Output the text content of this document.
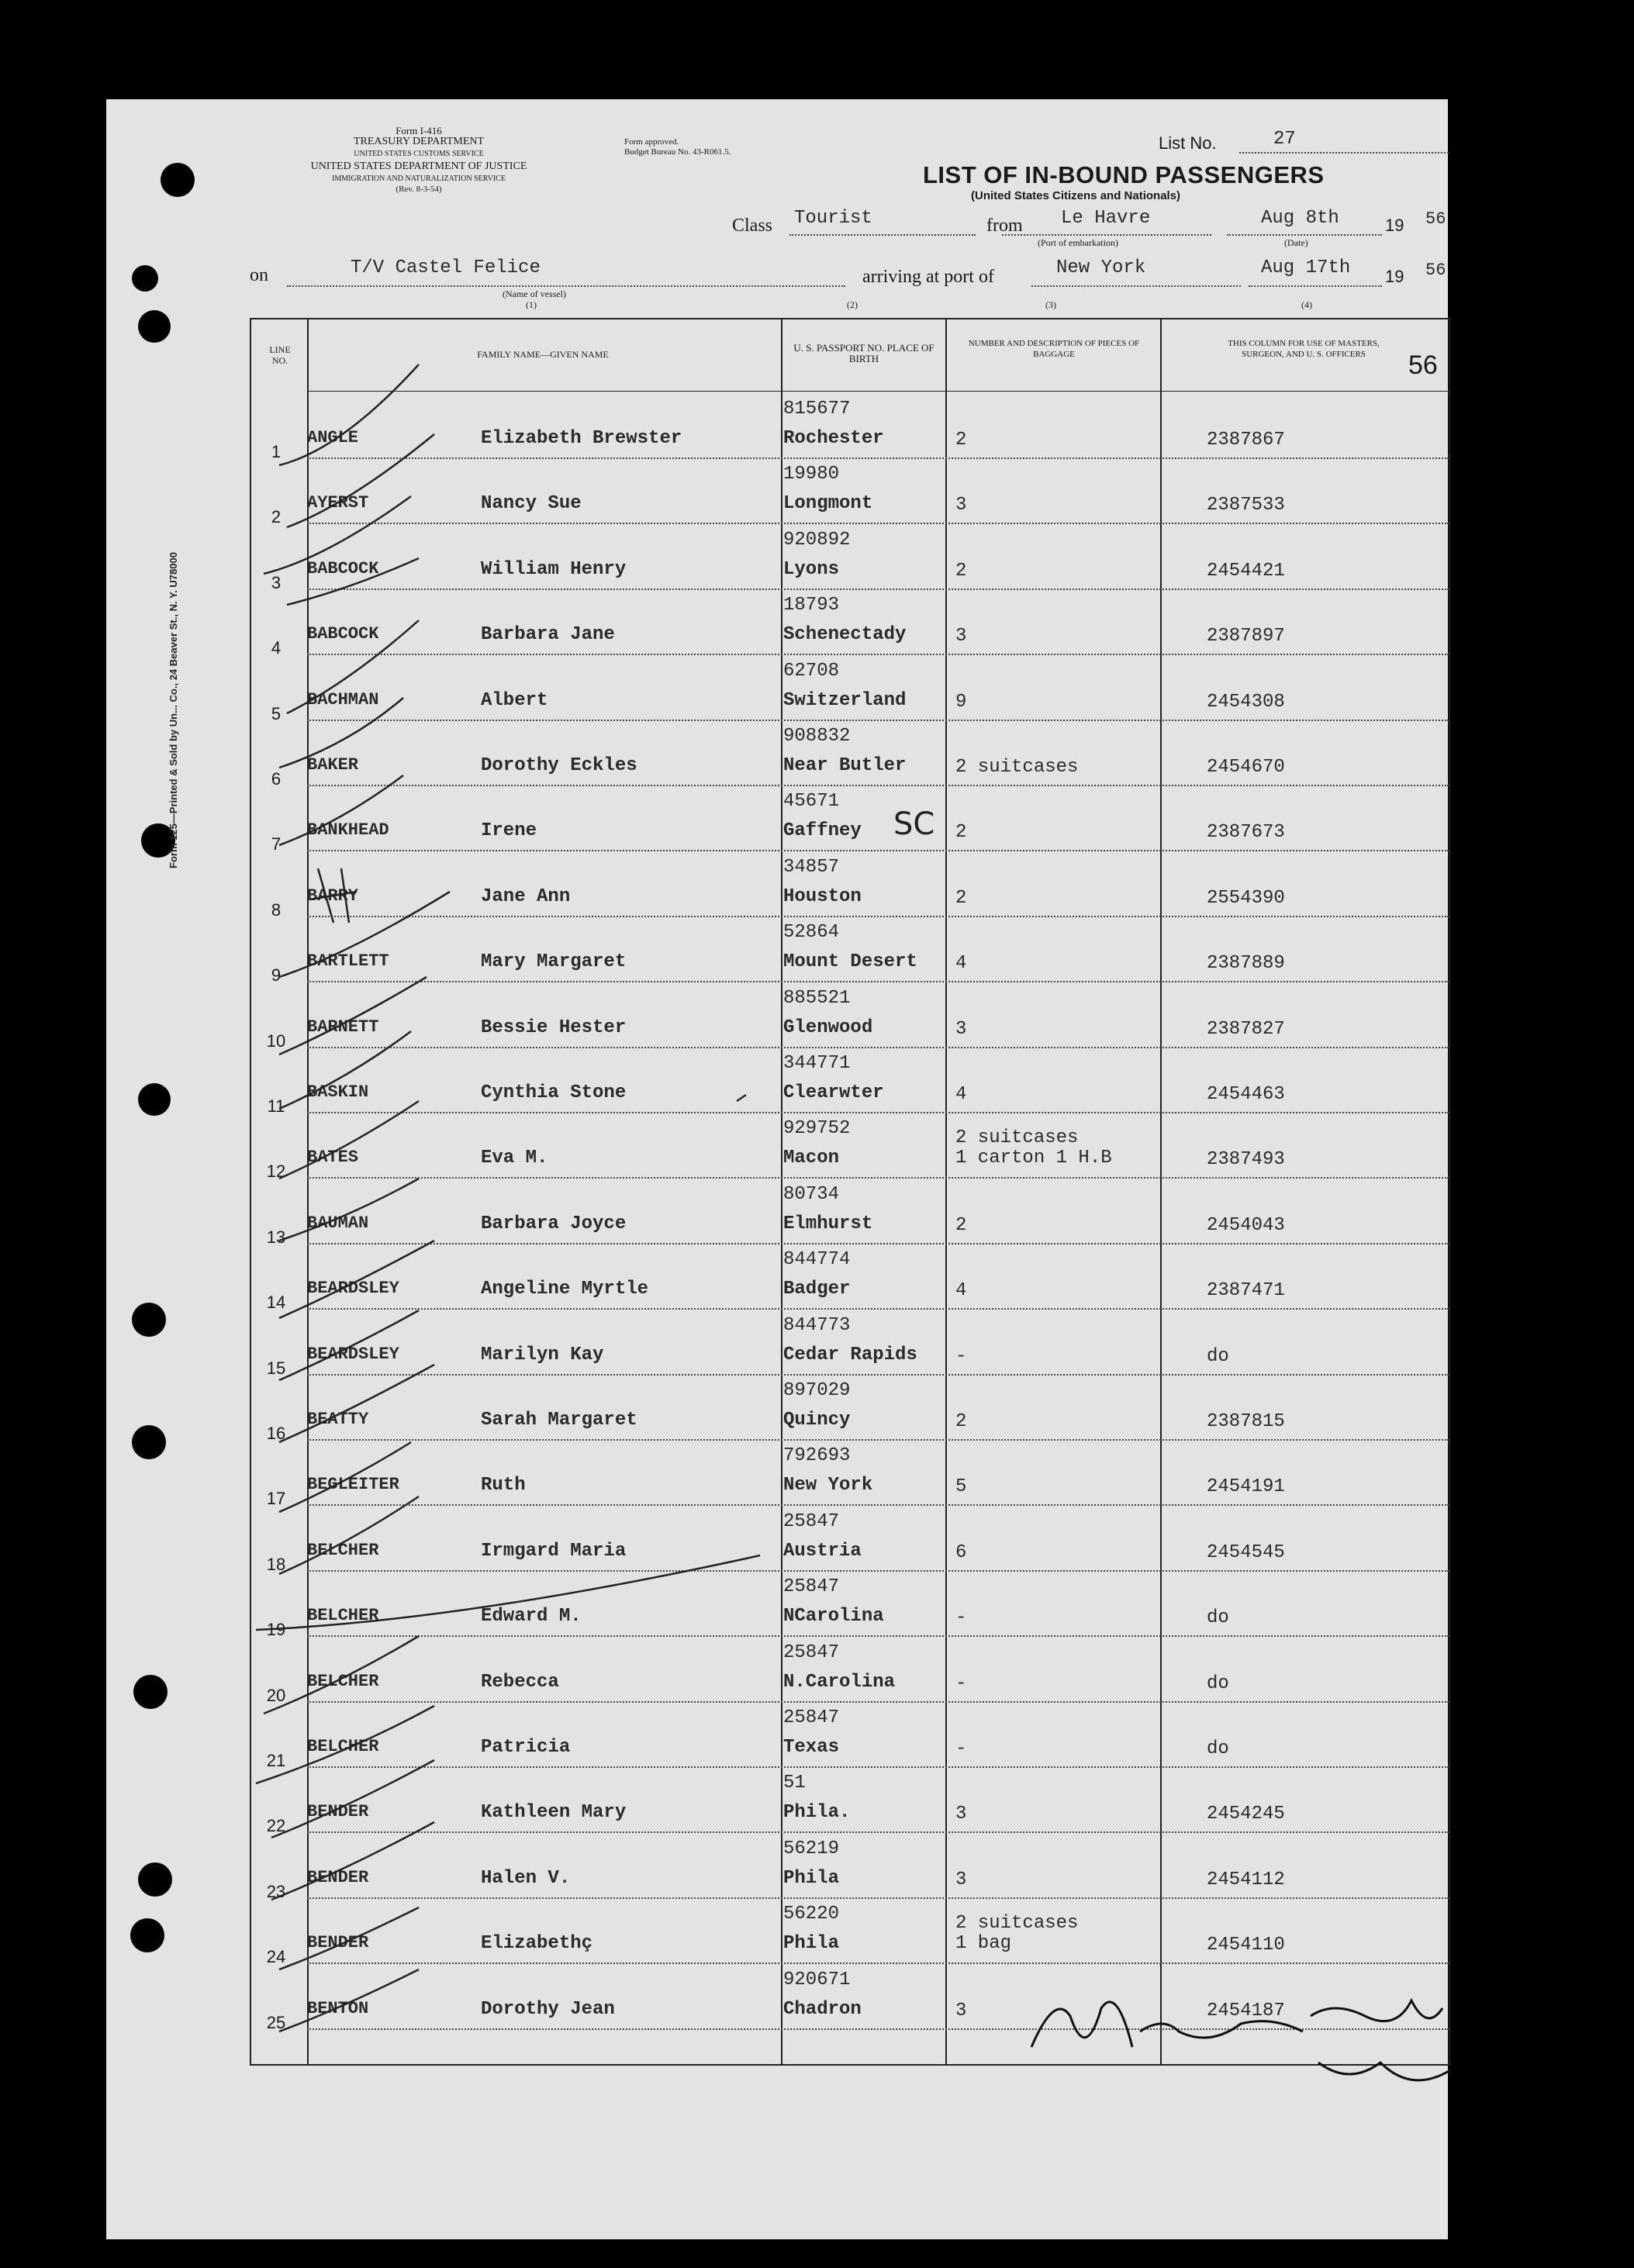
Form I-416
TREASURY DEPARTMENT
UNITED STATES CUSTOMS SERVICE
UNITED STATES DEPARTMENT OF JUSTICE
IMMIGRATION AND NATURALIZATION SERVICE
(Rev. 8-3-54)
Form approved.
Budget Bureau No. 43-R061.5.	List No.	27
LIST OF IN-BOUND PASSENGERS
(United States Citizens and Nationals)
Class Tourist	from Le Havre
(Port of embarkation)
Aug 8th
(Date)
19 56
on	T/V Castel Felice
(Name of vessel)
(1)	(2)
arriving at port of	New York
(3)
Aug 17th
(4)
19 56
Form 125—Printed & Sold by Un... Co., 24 Beaver St., N. Y. U78000
LINE NO.
FAMILY NAME—GIVEN NAME
U. S. PASSPORT NO. PLACE OF BIRTH
NUMBER AND DESCRIPTION OF PIECES OF BAGGAGE
THIS COLUMN FOR USE OF MASTERS, SURGEON, AND U. S. OFFICERS	56
1
ANGLE	Elizabeth Brewster
815677
Rochester	2	2387867
2
AYERST	Nancy Sue
19980
Longmont	3	2387533
3
BABCOCK	William Henry
920892
Lyons	2	2454421
4
BABCOCK	Barbara Jane
18793
Schenectady	3	2387897
5
BACHMAN	Albert
62708
Switzerland	9	2454308
6
BAKER	Dorothy Eckles
908832
Near Butler	2 suitcases	2454670
7
BANKHEAD	Irene
45671
Gaffney	2	2387673
8
BARRY	Jane Ann
34857
Houston	2	2554390
9
BARTLETT	Mary Margaret
52864
Mount Desert 4	2387889
10
BARNETT	Bessie Hester
885521
Glenwood	3	2387827
11
BASKIN	Cynthia Stone
344771
Clearwter	4	2454463
12
BATES	Eva M.
929752
Macon
2 suitcases
1 carton 1 H.B	2387493
13
BAUMAN	Barbara Joyce
80734
Elmhurst	2	2454043
14
BEARDSLEY	Angeline Myrtle
844774
Badger	4	2387471
15
BEARDSLEY	Marilyn Kay
844773
Cedar Rapids -	do
16
BEATTY	Sarah Margaret
897029
Quincy	2	2387815
17
BEGLEITER	Ruth
792693
New York	5	2454191
18
BELCHER	Irmgard Maria
25847
Austria	6	2454545
19
BELCHER	Edward M.
25847
NCarolina	-	do
20
BELCHER	Rebecca
25847
N.Carolina	-	do
21
BELCHER	Patricia
25847
Texas	-	do
22
BENDER	Kathleen Mary
51
Phila.	3	2454245
23
BENDER	Halen V.
56219
Phila	3	2454112
24
BENDER	Elizabethç
56220
Phila
2 suitcases
1 bag	2454110
25
BENTON	Dorothy Jean
920671
Chadron	3	2454187
SC
